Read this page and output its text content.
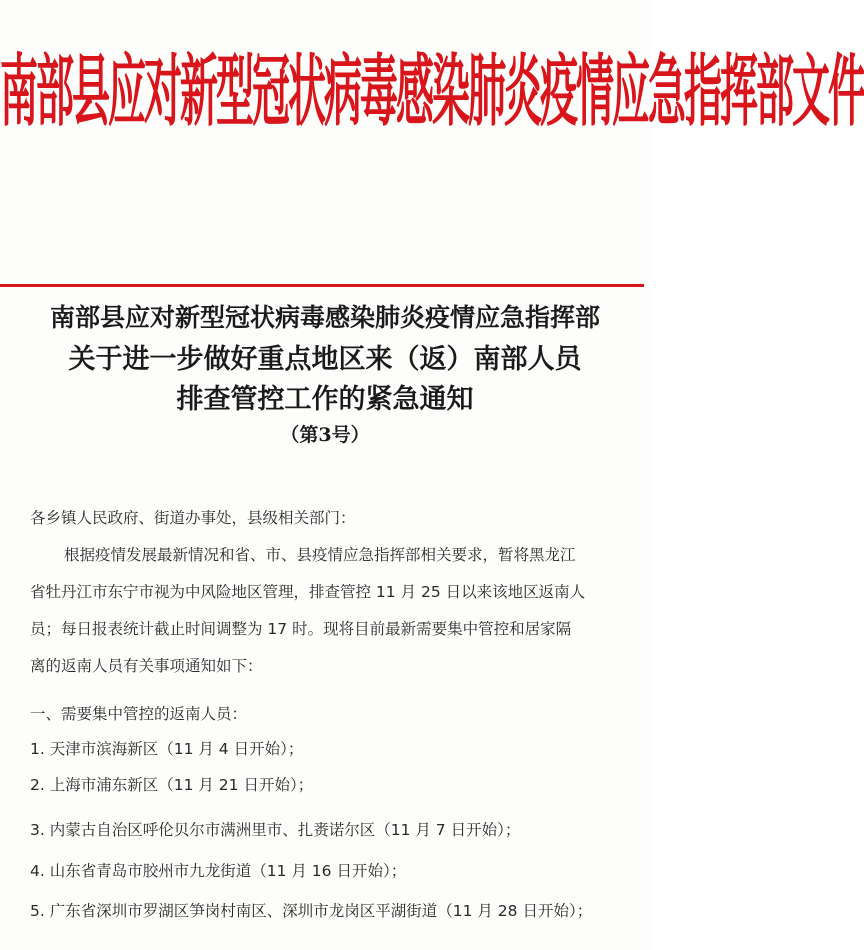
南部县应对新型冠状病毒感染肺炎疫情应急指挥部文件
南部县应对新型冠状病毒感染肺炎疫情应急指挥部
关于进一步做好重点地区来（返）南部人员
排查管控工作的紧急通知
（第3号）
各乡镇人民政府、街道办事处，县级相关部门：
根据疫情发展最新情况和省、市、县疫情应急指挥部相关要求，暂将黑龙江
省牡丹江市东宁市视为中风险地区管理，排查管控 11 月 25 日以来该地区返南人
员；每日报表统计截止时间调整为 17 时。现将目前最新需要集中管控和居家隔
离的返南人员有关事项通知如下：
一、需要集中管控的返南人员：
1. 天津市滨海新区（11 月 4 日开始）；
2. 上海市浦东新区（11 月 21 日开始）；
3. 内蒙古自治区呼伦贝尔市满洲里市、扎赉诺尔区（11 月 7 日开始）；
4. 山东省青岛市胶州市九龙街道（11 月 16 日开始）；
5. 广东省深圳市罗湖区笋岗村南区、深圳市龙岗区平湖街道（11 月 28 日开始）；
